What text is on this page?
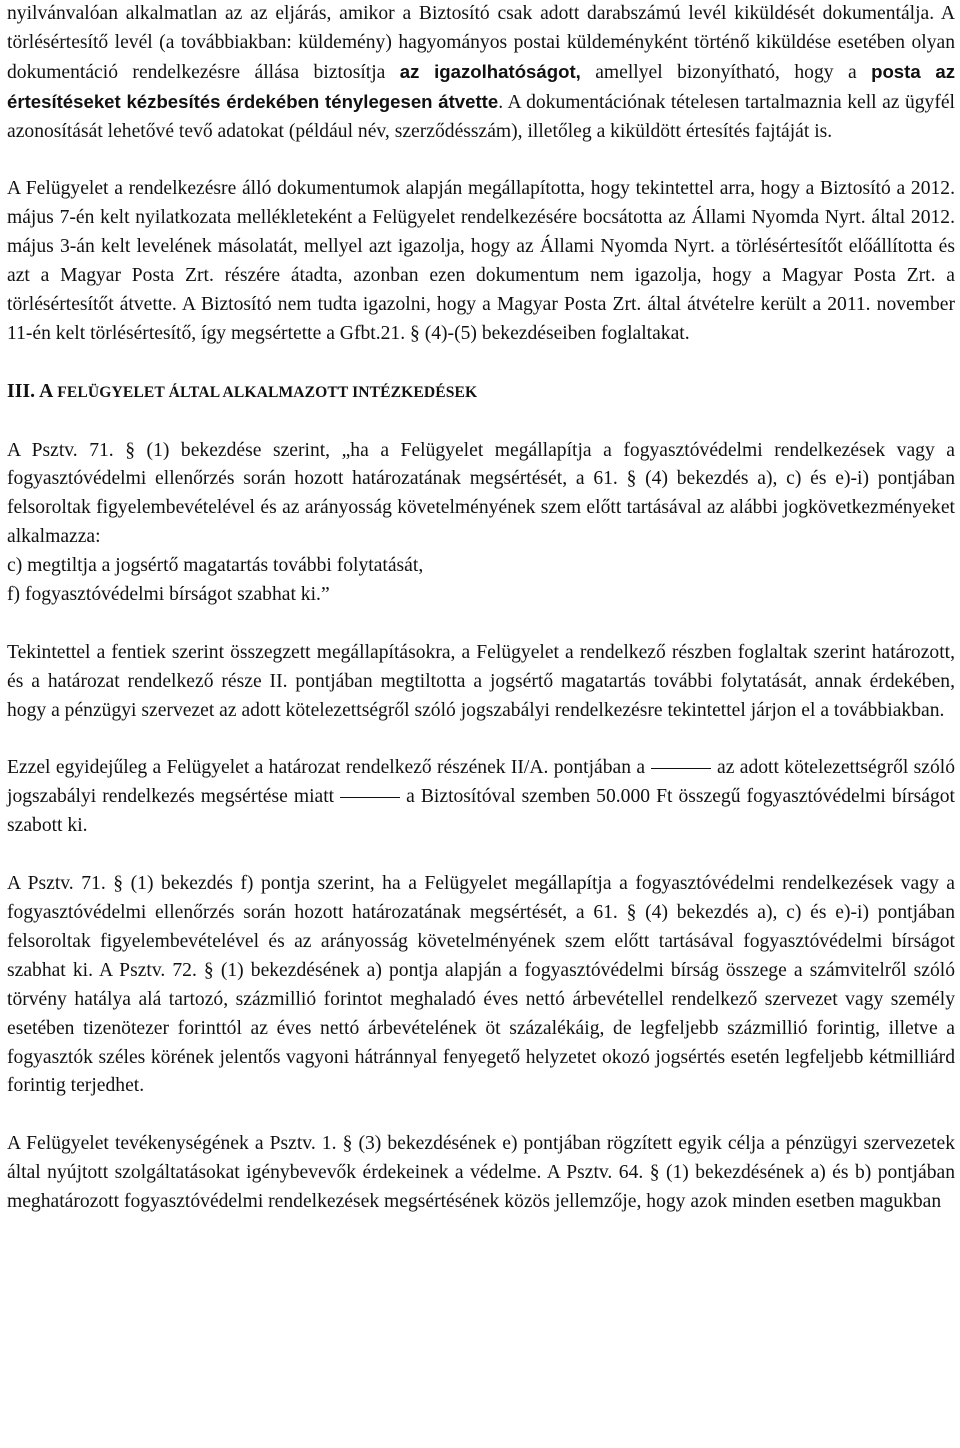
nyilvánvalóan alkalmatlan az az eljárás, amikor a Biztosító csak adott darabszámú levél kiküldését dokumentálja. A törlésértesítő levél (a továbbiakban: küldemény) hagyományos postai küldeményként történő kiküldése esetében olyan dokumentáció rendelkezésre állása biztosítja az igazolhatóságot, amellyel bizonyítható, hogy a posta az értesítéseket kézbesítés érdekében ténylegesen átvette. A dokumentációnak tételesen tartalmaznia kell az ügyfél azonosítását lehetővé tevő adatokat (például név, szerződésszám), illetőleg a kiküldött értesítés fajtáját is.

A Felügyelet a rendelkezésre álló dokumentumok alapján megállapította, hogy tekintettel arra, hogy a Biztosító a 2012. május 7-én kelt nyilatkozata mellékleteként a Felügyelet rendelkezésére bocsátotta az Állami Nyomda Nyrt. által 2012. május 3-án kelt levelének másolatát, mellyel azt igazolja, hogy az Állami Nyomda Nyrt. a törlésértesítőt előállította és azt a Magyar Posta Zrt. részére átadta, azonban ezen dokumentum nem igazolja, hogy a Magyar Posta Zrt. a törlésértesítőt átvette. A Biztosító nem tudta igazolni, hogy a Magyar Posta Zrt. által átvételre került a 2011. november 11-én kelt törlésértesítő, így megsértette a Gfbt.21. § (4)-(5) bekezdéseiben foglaltakat.

III. A FELÜGYELET ÁLTAL ALKALMAZOTT INTÉZKEDÉSEK

A Psztv. 71. § (1) bekezdése szerint, „ha a Felügyelet megállapítja a fogyasztóvédelmi rendelkezések vagy a fogyasztóvédelmi ellenőrzés során hozott határozatának megsértését, a 61. § (4) bekezdés a), c) és e)-i) pontjában felsoroltak figyelembevételével és az arányosság követelményének szem előtt tartásával az alábbi jogkövetkezményeket alkalmazza:
c) megtiltja a jogsértő magatartás további folytatását,
f) fogyasztóvédelmi bírságot szabhat ki.”

Tekintettel a fentiek szerint összegzett megállapításokra, a Felügyelet a rendelkező részben foglaltak szerint határozott, és a határozat rendelkező része II. pontjában megtiltotta a jogsértő magatartás további folytatását, annak érdekében, hogy a pénzügyi szervezet az adott kötelezettségről szóló jogszabályi rendelkezésre tekintettel járjon el a továbbiakban.

Ezzel egyidejűleg a Felügyelet a határozat rendelkező részének II/A. pontjában a	az adott kötelezettségről szóló jogszabályi rendelkezés megsértése miatt	a Biztosítóval szemben 50.000 Ft összegű fogyasztóvédelmi bírságot szabott ki.

A Psztv. 71. § (1) bekezdés f) pontja szerint, ha a Felügyelet megállapítja a fogyasztóvédelmi rendelkezések vagy a fogyasztóvédelmi ellenőrzés során hozott határozatának megsértését, a 61. § (4) bekezdés a), c) és e)-i) pontjában felsoroltak figyelembevételével és az arányosság követelményének szem előtt tartásával fogyasztóvédelmi bírságot szabhat ki. A Psztv. 72. § (1) bekezdésének a) pontja alapján a fogyasztóvédelmi bírság összege a számvitelről szóló törvény hatálya alá tartozó, százmillió forintot meghaladó éves nettó árbevétellel rendelkező szervezet vagy személy esetében tizenötezer forinttól az éves nettó árbevételének öt százalékáig, de legfeljebb százmillió forintig, illetve a fogyasztók széles körének jelentős vagyoni hátránnyal fenyegető helyzetet okozó jogsértés esetén legfeljebb kétmilliárd forintig terjedhet.

A Felügyelet tevékenységének a Psztv. 1. § (3) bekezdésének e) pontjában rögzített egyik célja a pénzügyi szervezetek által nyújtott szolgáltatásokat igénybevevők érdekeinek a védelme. A Psztv. 64. § (1) bekezdésének a) és b) pontjában meghatározott fogyasztóvédelmi rendelkezések megsértésének közös jellemzője, hogy azok minden esetben magukban
